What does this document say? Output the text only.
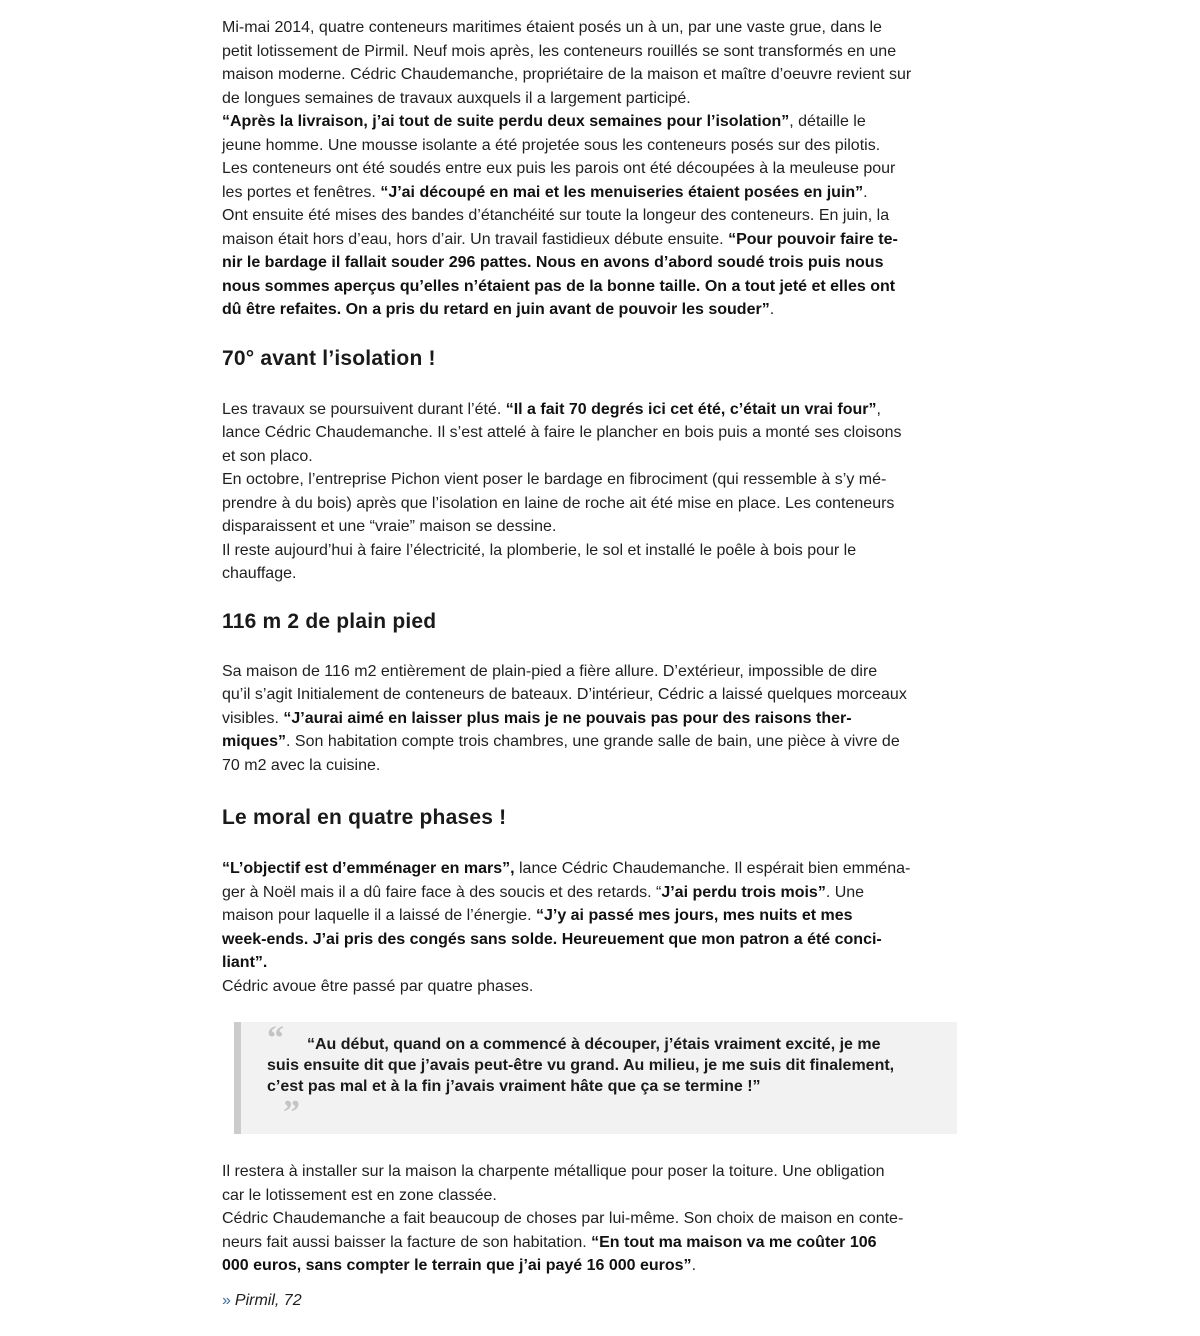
Mi-mai 2014, quatre conteneurs maritimes étaient posés un à un, par une vaste grue, dans le
petit lotissement de Pirmil. Neuf mois après, les conteneurs rouillés se sont transformés en une
maison moderne. Cédric Chaudemanche, propriétaire de la maison et maître d’oeuvre revient sur
de longues semaines de travaux auxquels il a largement participé.
“Après la livraison, j’ai tout de suite perdu deux semaines pour l’isolation”, détaille le
jeune homme. Une mousse isolante a été projetée sous les conteneurs posés sur des pilotis.
Les conteneurs ont été soudés entre eux puis les parois ont été découpées à la meuleuse pour
les portes et fenêtres. “J’ai découpé en mai et les menuiseries étaient posées en juin”.
Ont ensuite été mises des bandes d’étanchéité sur toute la longeur des conteneurs. En juin, la
maison était hors d’eau, hors d’air. Un travail fastidieux débute ensuite. “Pour pouvoir faire te-
nir le bardage il fallait souder 296 pattes. Nous en avons d’abord soudé trois puis nous
nous sommes aperçus qu’elles n’étaient pas de la bonne taille. On a tout jeté et elles ont
dû être refaites. On a pris du retard en juin avant de pouvoir les souder”.
70° avant l’isolation !
Les travaux se poursuivent durant l’été. “Il a fait 70 degrés ici cet été, c’était un vrai four”,
lance Cédric Chaudemanche. Il s’est attelé à faire le plancher en bois puis a monté ses cloisons
et son placo.
En octobre, l’entreprise Pichon vient poser le bardage en fibrociment (qui ressemble à s’y mé-
prendre à du bois) après que l’isolation en laine de roche ait été mise en place. Les conteneurs
disparaissent et une “vraie” maison se dessine.
Il reste aujourd’hui à faire l’électricité, la plomberie, le sol et installé le poêle à bois pour le
chauffage.
116 m 2 de plain pied
Sa maison de 116 m2 entièrement de plain-pied a fière allure. D’extérieur, impossible de dire
qu’il s’agit Initialement de conteneurs de bateaux. D’intérieur, Cédric a laissé quelques morceaux
visibles. “J’aurai aimé en laisser plus mais je ne pouvais pas pour des raisons ther-
miques”. Son habitation compte trois chambres, une grande salle de bain, une pièce à vivre de
70 m2 avec la cuisine.
Le moral en quatre phases !
“L’objectif est d’emménager en mars”, lance Cédric Chaudemanche. Il espérait bien emména-
ger à Noël mais il a dû faire face à des soucis et des retards. “J’ai perdu trois mois”. Une
maison pour laquelle il a laissé de l’énergie. “J’y ai passé mes jours, mes nuits et mes
week-ends. J’ai pris des congés sans solde. Heureuement que mon patron a été conci-
liant”.
Cédric avoue être passé par quatre phases.
“	“Au début, quand on a commencé à découper, j’étais vraiment excité, je me
suis ensuite dit que j’avais peut-être vu grand. Au milieu, je me suis dit finalement,
c’est pas mal et à la fin j’avais vraiment hâte que ça se termine !”
”
Il restera à installer sur la maison la charpente métallique pour poser la toiture. Une obligation
car le lotissement est en zone classée.
Cédric Chaudemanche a fait beaucoup de choses par lui-même. Son choix de maison en conte-
neurs fait aussi baisser la facture de son habitation. “En tout ma maison va me coûter 106
000 euros, sans compter le terrain que j’ai payé 16 000 euros”.
» Pirmil, 72
